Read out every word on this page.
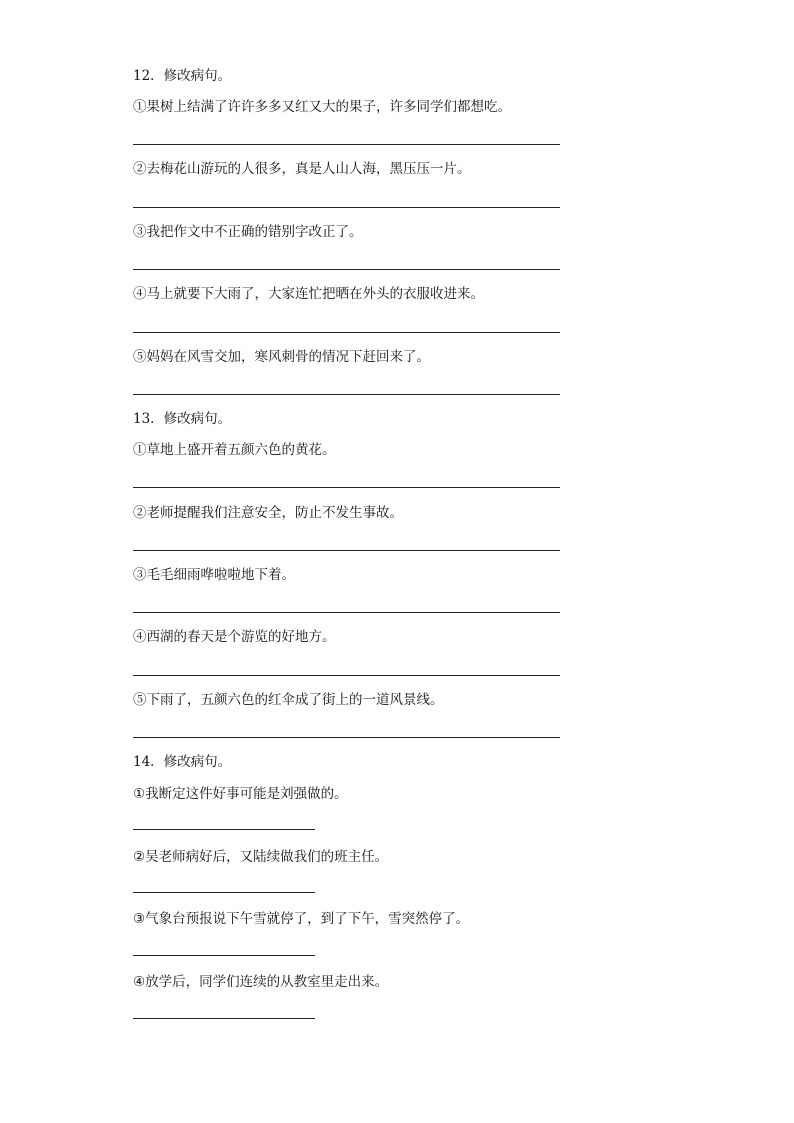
12．修改病句。
①果树上结满了许许多多又红又大的果子，许多同学们都想吃。
②去梅花山游玩的人很多，真是人山人海，黑压压一片。
③我把作文中不正确的错别字改正了。
④马上就要下大雨了，大家连忙把晒在外头的衣服收进来。
⑤妈妈在风雪交加，寒风刺骨的情况下赶回来了。
13．修改病句。
①草地上盛开着五颜六色的黄花。
②老师提醒我们注意安全，防止不发生事故。
③毛毛细雨哗啦啦地下着。
④西湖的春天是个游览的好地方。
⑤下雨了，五颜六色的红伞成了街上的一道风景线。
14．修改病句。
①我断定这件好事可能是刘强做的。
②吴老师病好后，又陆续做我们的班主任。
③气象台预报说下午雪就停了，到了下午，雪突然停了。
④放学后，同学们连续的从教室里走出来。
